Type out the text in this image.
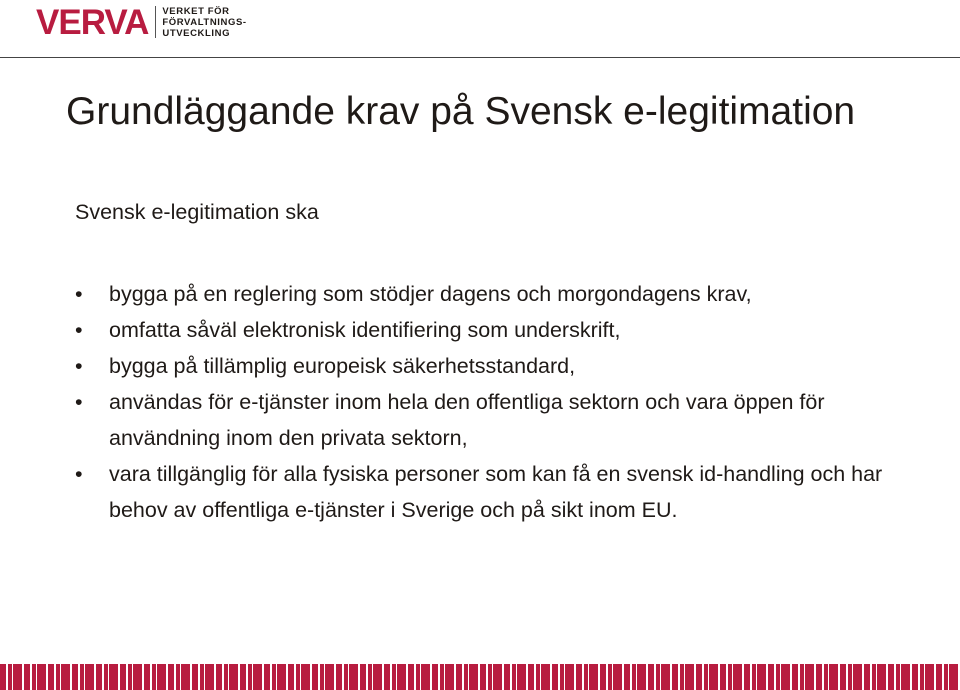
VERVA VERKET FÖR
FÖRVALTNINGS-
UTVECKLING
Grundläggande krav på Svensk e-legitimation

Svensk e-legitimation ska

• bygga på en reglering som stödjer dagens och morgondagens krav,
• omfatta såväl elektronisk identifiering som underskrift,
• bygga på tillämplig europeisk säkerhetsstandard,
• användas för e-tjänster inom hela den offentliga sektorn och vara öppen för användning inom den privata sektorn,
• vara tillgänglig för alla fysiska personer som kan få en svensk id-handling och har behov av offentliga e-tjänster i Sverige och på sikt inom EU.
